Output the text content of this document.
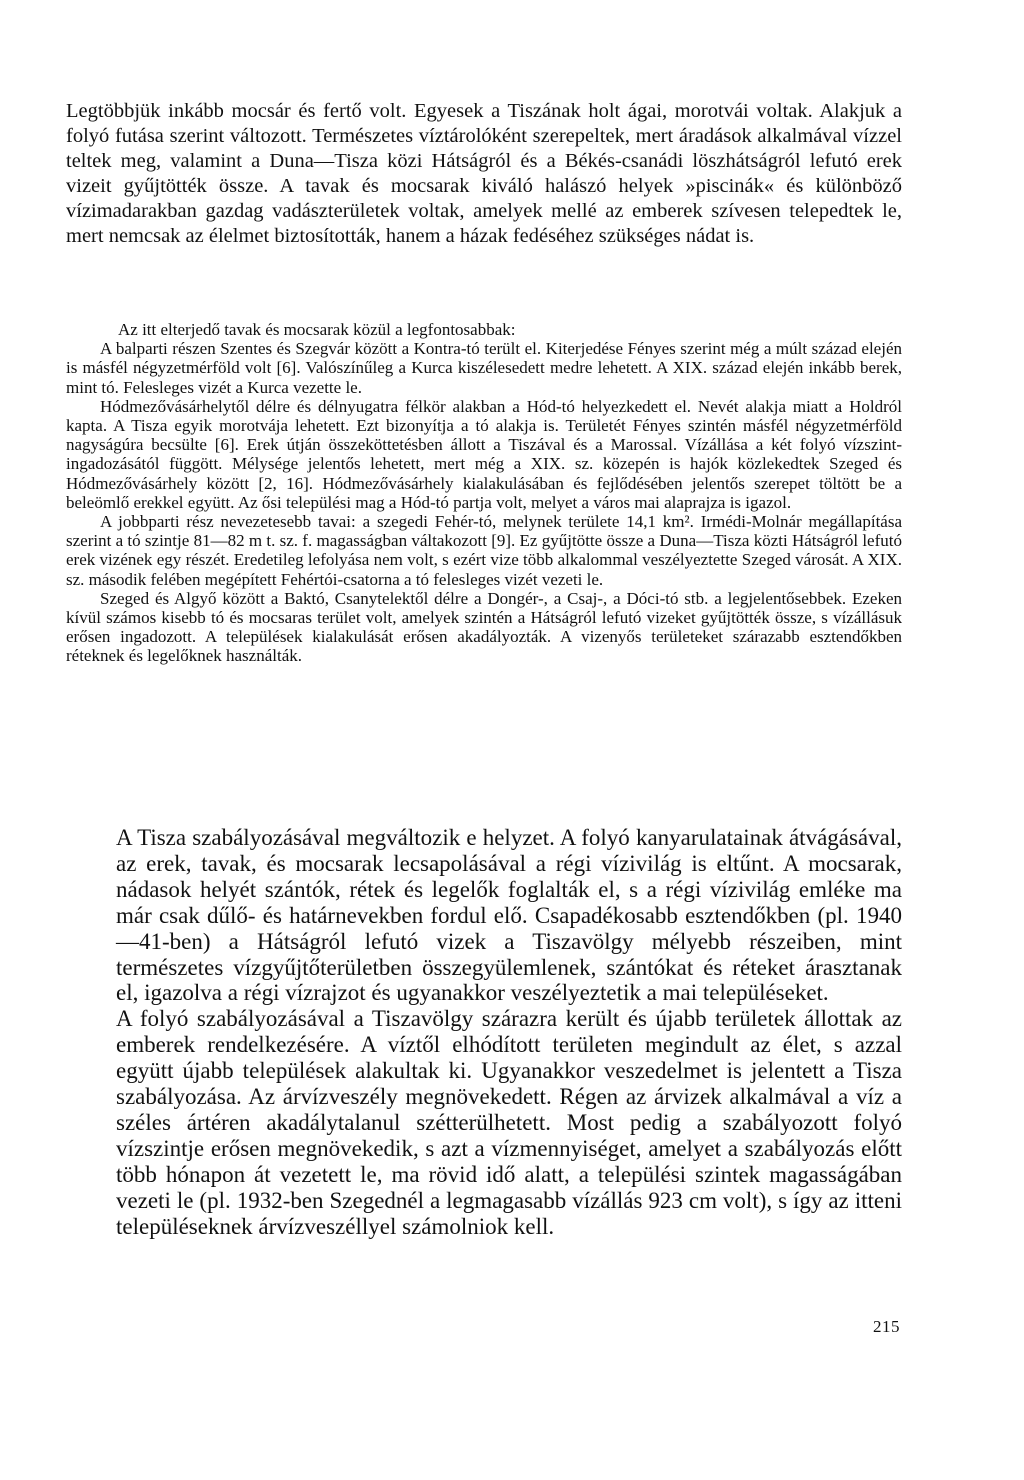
Legtöbbjük inkább mocsár és fertő volt. Egyesek a Tiszának holt ágai, morotvái voltak. Alakjuk a folyó futása szerint változott. Természetes víztárolóként szerepeltek, mert áradások alkalmával vízzel teltek meg, valamint a Duna—Tisza közi Hátságról és a Békés-csanádi löszhátságról lefutó erek vizeit gyűjtötték össze. A tavak és mocsarak kiváló halászó helyek »piscinák« és különböző vízimadarakban gazdag vadászterületek voltak, amelyek mellé az emberek szívesen telepedtek le, mert nemcsak az élelmet biztosították, hanem a házak fedéséhez szükséges nádat is.

Az itt elterjedő tavak és mocsarak közül a legfontosabbak:

A balparti részen Szentes és Szegvár között a Kontra-tó terült el. Kiterjedése Fényes szerint még a múlt század elején is másfél négyzetmérföld volt [6]. Valószínűleg a Kurca kiszélesedett medre lehetett. A XIX. század elején inkább berek, mint tó. Felesleges vizét a Kurca vezette le.

Hódmezővásárhelytől délre és délnyugatra félkör alakban a Hód-tó helyezkedett el. Nevét alakja miatt a Holdról kapta. A Tisza egyik morotvája lehetett. Ezt bizonyítja a tó alakja is. Területét Fényes szintén másfél négyzetmérföld nagyságúra becsülte [6]. Erek útján összeköttetésben állott a Tiszával és a Marossal. Vízállása a két folyó vízszint-ingadozásától függött. Mélysége jelentős lehetett, mert még a XIX. sz. közepén is hajók közlekedtek Szeged és Hódmezővásárhely között [2, 16]. Hódmezővásárhely kialakulásában és fejlődésében jelentős szerepet töltött be a beleömlő erekkel együtt. Az ősi települési mag a Hód-tó partja volt, melyet a város mai alaprajza is igazol.

A jobbparti rész nevezetesebb tavai: a szegedi Fehér-tó, melynek területe 14,1 km². Irmédi-Molnár megállapítása szerint a tó szintje 81—82 m t. sz. f. magasságban váltakozott [9]. Ez gyűjtötte össze a Duna—Tisza közti Hátságról lefutó erek vizének egy részét. Eredetileg lefolyása nem volt, s ezért vize több alkalommal veszélyeztette Szeged városát. A XIX. sz. második felében megépített Fehértói-csatorna a tó felesleges vizét vezeti le.

Szeged és Algyő között a Baktó, Csanytelektől délre a Dongér-, a Csaj-, a Dóci-tó stb. a legjelentősebbek. Ezeken kívül számos kisebb tó és mocsaras terület volt, amelyek szintén a Hátságról lefutó vizeket gyűjtötték össze, s vízállásuk erősen ingadozott. A települések kialakulását erősen akadályozták. A vizenyős területeket szárazabb esztendőkben réteknek és legelőknek használták.

A Tisza szabályozásával megváltozik e helyzet. A folyó kanyarulatainak átvágásával, az erek, tavak, és mocsarak lecsapolásával a régi vízivilág is eltűnt. A mocsarak, nádasok helyét szántók, rétek és legelők foglalták el, s a régi vízivilág emléke ma már csak dűlő- és határnevekben fordul elő. Csapadékosabb esztendőkben (pl. 1940—41-ben) a Hátságról lefutó vizek a Tiszavölgy mélyebb részeiben, mint természetes vízgyűjtőterületben összegyülemlenek, szántókat és réteket árasztanak el, igazolva a régi vízrajzot és ugyanakkor veszélyeztetik a mai településeket.

A folyó szabályozásával a Tiszavölgy szárazra került és újabb területek állottak az emberek rendelkezésére. A víztől elhódított területen megindult az élet, s azzal együtt újabb települések alakultak ki. Ugyanakkor veszedelmet is jelentett a Tisza szabályozása. Az árvízveszély megnövekedett. Régen az árvizek alkalmával a víz a széles ártéren akadálytalanul szétterülhetett. Most pedig a szabályozott folyó vízszintje erősen megnövekedik, s azt a vízmennyiséget, amelyet a szabályozás előtt több hónapon át vezetett le, ma rövid idő alatt, a települési szintek magasságában vezeti le (pl. 1932-ben Szegednél a legmagasabb vízállás 923 cm volt), s így az itteni településeknek árvízveszéllyel számolniok kell.

215
